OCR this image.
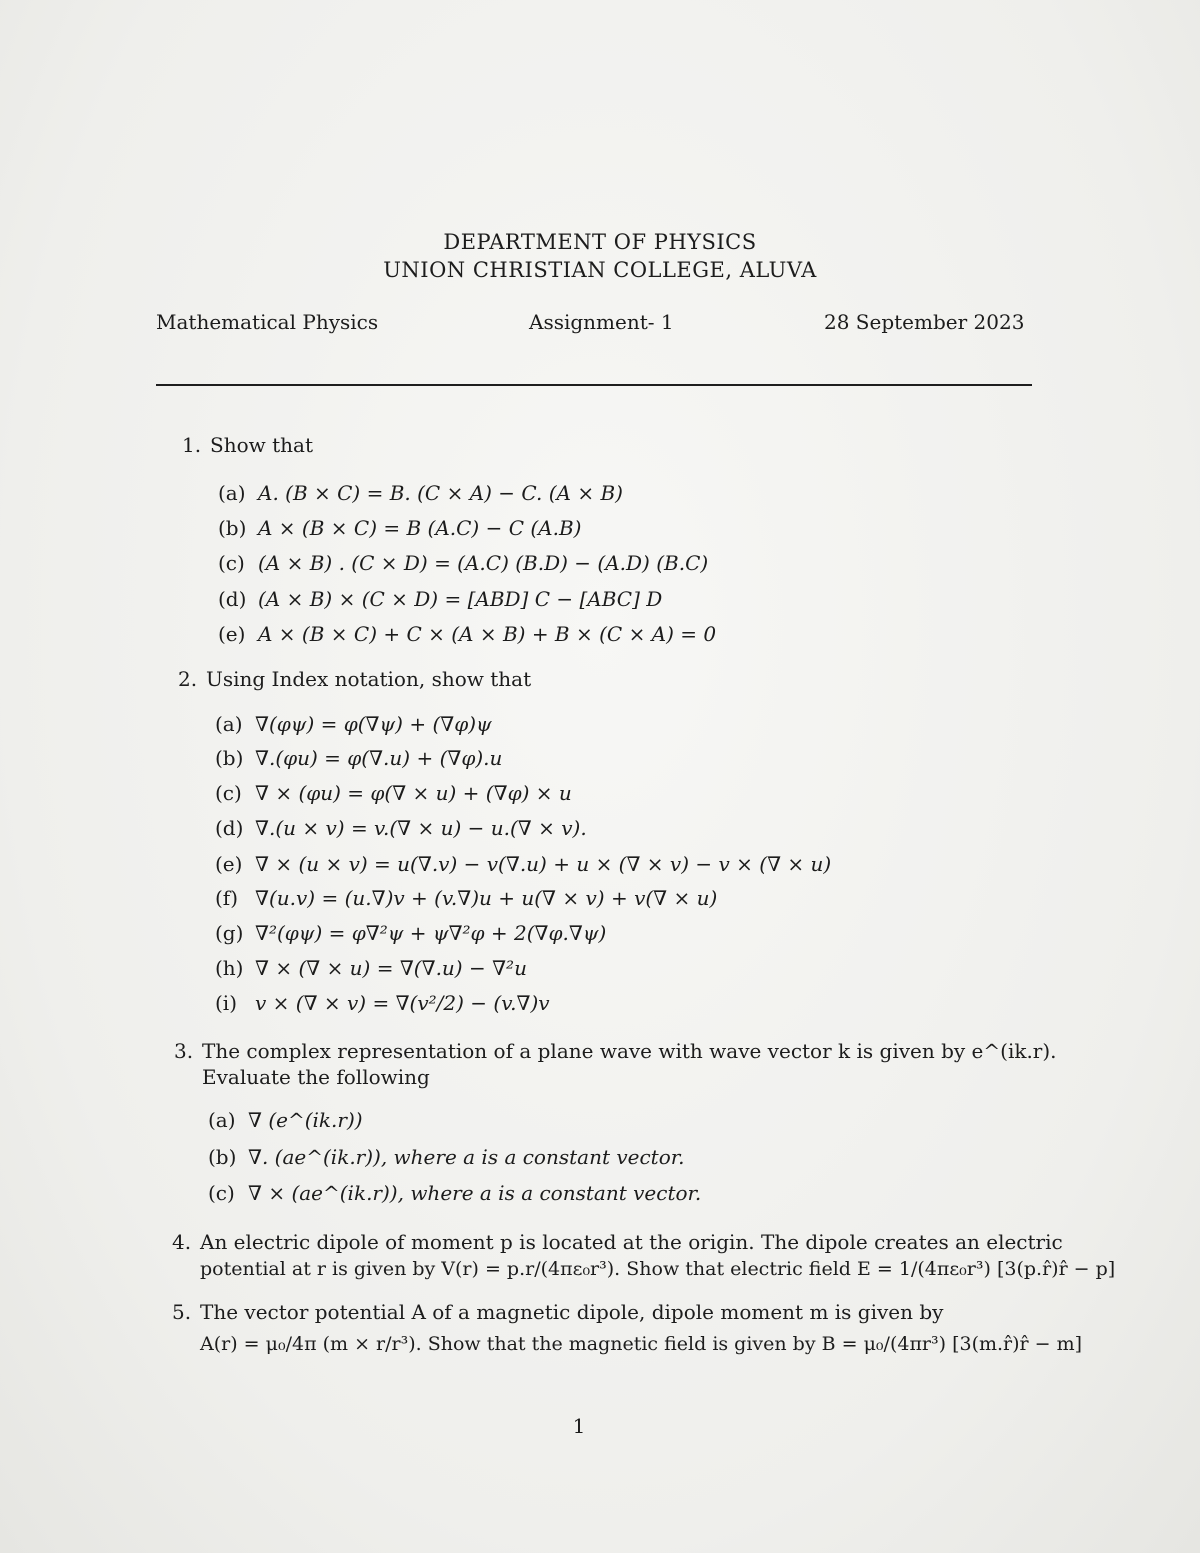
DEPARTMENT OF PHYSICS
UNION CHRISTIAN COLLEGE, ALUVA
Mathematical Physics	Assignment- 1	28 September 2023
1. Show that
(a) A. (B × C) = B. (C × A) − C. (A × B)
(b) A × (B × C) = B (A.C) − C (A.B)
(c) (A × B) . (C × D) = (A.C) (B.D) − (A.D) (B.C)
(d) (A × B) × (C × D) = [ABD] C − [ABC] D
(e) A × (B × C) + C × (A × B) + B × (C × A) = 0
2. Using Index notation, show that
(a) ∇(φψ) = φ(∇ψ) + (∇φ)ψ
(b) ∇.(φu) = φ(∇.u) + (∇φ).u
(c) ∇ × (φu) = φ(∇ × u) + (∇φ) × u
(d) ∇.(u × v) = v.(∇ × u) − u.(∇ × v).
(e) ∇ × (u × v) = u(∇.v) − v(∇.u) + u × (∇ × v) − v × (∇ × u)
(f) ∇(u.v) = (u.∇)v + (v.∇)u + u(∇ × v) + v(∇ × u)
(g) ∇²(φψ) = φ∇²ψ + ψ∇²φ + 2(∇φ.∇ψ)
(h) ∇ × (∇ × u) = ∇(∇.u) − ∇²u
(i) v × (∇ × v) = ∇(v²/2) − (v.∇)v
3. The complex representation of a plane wave with wave vector k is given by e^(ik.r).
Evaluate the following
(a) ∇ (e^(ik.r))
(b) ∇. (ae^(ik.r)), where a is a constant vector.
(c) ∇ × (ae^(ik.r)), where a is a constant vector.
4. An electric dipole of moment p is located at the origin. The dipole creates an electric
potential at r is given by V(r) = p.r/(4πε₀r³). Show that electric field E = 1/(4πε₀r³) [3(p.r̂)r̂ − p]
5. The vector potential A of a magnetic dipole, dipole moment m is given by
A(r) = μ₀/4π (m × r/r³). Show that the magnetic field is given by B = μ₀/(4πr³) [3(m.r̂)r̂ − m]
1
